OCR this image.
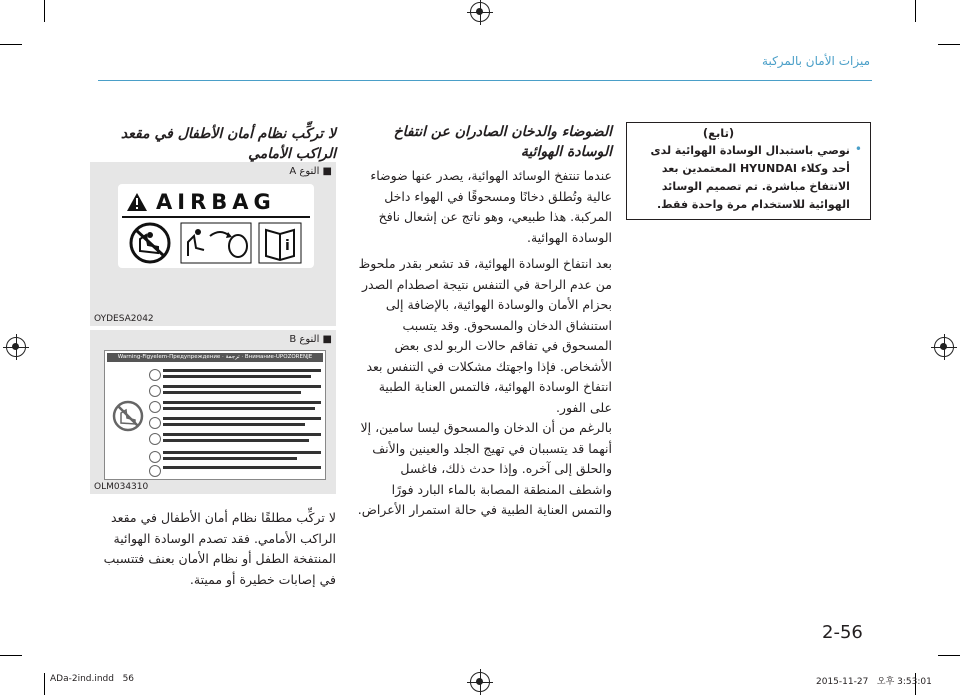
ميزات الأمان بالمركبة
(تابع)
•
نوصي باستبدال الوسادة الهوائية لدى أحد وكلاء HYUNDAI المعتمدين بعد الانتفاخ مباشرة. تم تصميم الوسائد الهوائية للاستخدام مرة واحدة فقط.
الضوضاء والدخان الصادران عن انتفاخ الوسادة الهوائية
عندما تنتفخ الوسائد الهوائية، يصدر عنها ضوضاء عالية وتُطلق دخانًا ومسحوقًا في الهواء داخل المركبة. هذا طبيعي، وهو ناتج عن إشعال نافخ الوسادة الهوائية.
بعد انتفاخ الوسادة الهوائية، قد تشعر بقدر ملحوظ من عدم الراحة في التنفس نتيجة اصطدام الصدر بحزام الأمان والوسادة الهوائية، بالإضافة إلى استنشاق الدخان والمسحوق. وقد يتسبب المسحوق في تفاقم حالات الربو لدى بعض الأشخاص. فإذا واجهتك مشكلات في التنفس بعد انتفاخ الوسادة الهوائية، فالتمس العناية الطبية على الفور.
بالرغم من أن الدخان والمسحوق ليسا سامين، إلا أنهما قد يتسببان في تهيج الجلد والعينين والأنف والحلق إلى آخره. وإذا حدث ذلك، فاغسل واشطف المنطقة المصابة بالماء البارد فورًا والتمس العناية الطبية في حالة استمرار الأعراض.
لا تركِّب نظام أمان الأطفال في مقعد الراكب الأمامي
■ النوع A
AIRBAG
i
OYDESA2042
■ النوع B
Warning-Figyelem-Предупреждение · ترجمة · Внимание-UPOZORENJE
OLM034310
لا تركِّب مطلقًا نظام أمان الأطفال في مقعد الراكب الأمامي. فقد تصدم الوسادة الهوائية المنتفخة الطفل أو نظام الأمان بعنف فتتسبب في إصابات خطيرة أو مميتة.
2-56
ADa-2ind.indd   56	2015-11-27   오후 3:53:01
